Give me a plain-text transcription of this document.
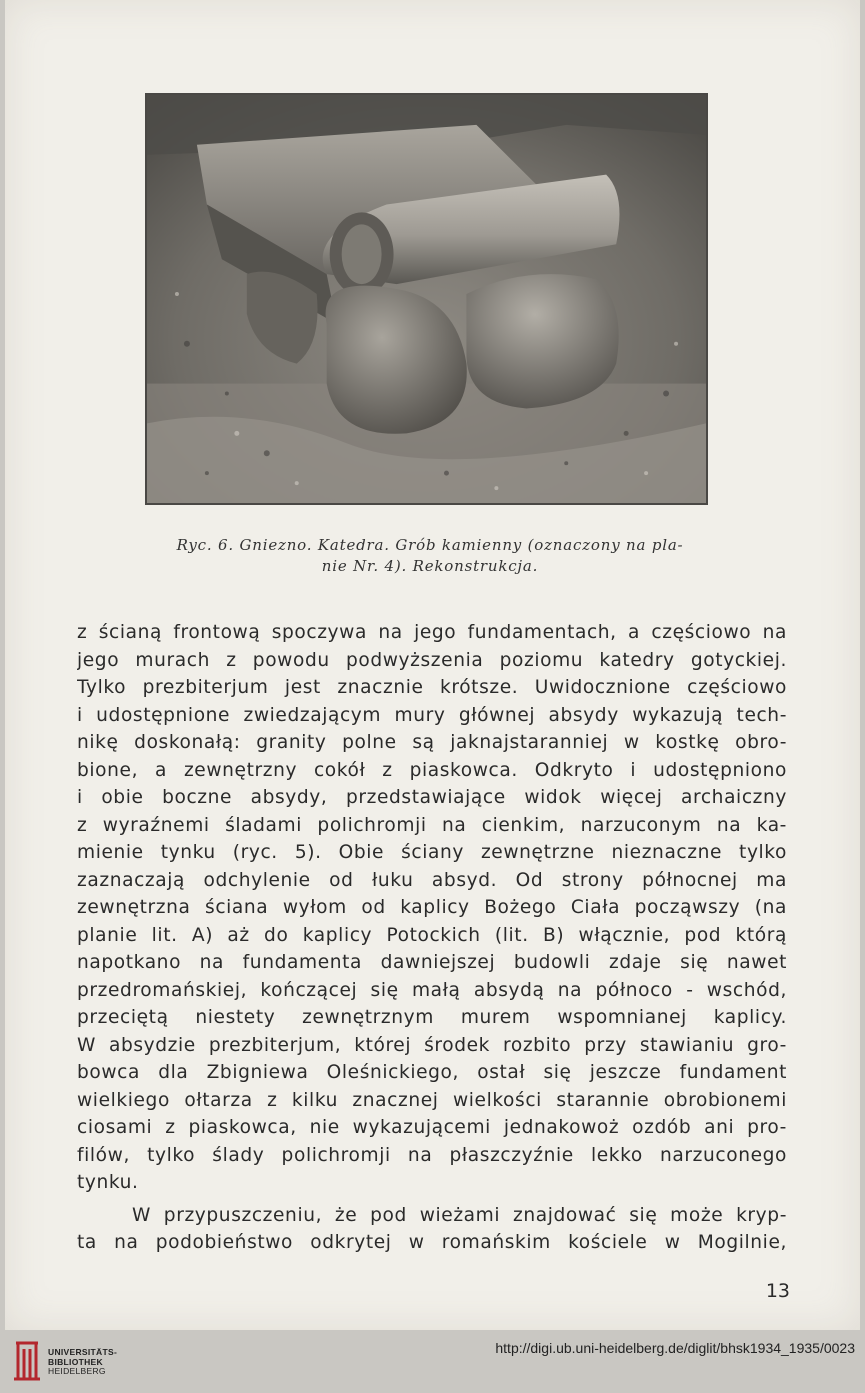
Ryc. 6. Gniezno. Katedra. Grób kamienny (oznaczony na pla-
nie Nr. 4). Rekonstrukcja.
z ścianą frontową spoczywa na jego fundamentach, a częściowo na
jego murach z powodu podwyższenia poziomu katedry gotyckiej.
Tylko prezbiterjum jest znacznie krótsze. Uwidocznione częściowo
i udostępnione zwiedzającym mury głównej absydy wykazują tech-
nikę doskonałą: granity polne są jaknajstaranniej w kostkę obro-
bione, a zewnętrzny cokół z piaskowca. Odkryto i udostępniono
i obie boczne absydy, przedstawiające widok więcej archaiczny
z wyraźnemi śladami polichromji na cienkim, narzuconym na ka-
mienie tynku (ryc. 5). Obie ściany zewnętrzne nieznaczne tylko
zaznaczają odchylenie od łuku absyd. Od strony północnej ma
zewnętrzna ściana wyłom od kaplicy Bożego Ciała począwszy (na
planie lit. A) aż do kaplicy Potockich (lit. B) włącznie, pod którą
napotkano na fundamenta dawniejszej budowli zdaje się nawet
przedromańskiej, kończącej się małą absydą na północo - wschód,
przeciętą niestety zewnętrznym murem wspomnianej kaplicy.
W absydzie prezbiterjum, której środek rozbito przy stawianiu gro-
bowca dla Zbigniewa Oleśnickiego, ostał się jeszcze fundament
wielkiego ołtarza z kilku znacznej wielkości starannie obrobionemi
ciosami z piaskowca, nie wykazującemi jednakowoż ozdób ani pro-
filów, tylko ślady polichromji na płaszczyźnie lekko narzuconego
tynku.
W przypuszczeniu, że pod wieżami znajdować się może kryp-
ta na podobieństwo odkrytej w romańskim kościele w Mogilnie,
13
UNIVERSITÄTS-
BIBLIOTHEK
HEIDELBERG
http://digi.ub.uni-heidelberg.de/diglit/bhsk1934_1935/0023
